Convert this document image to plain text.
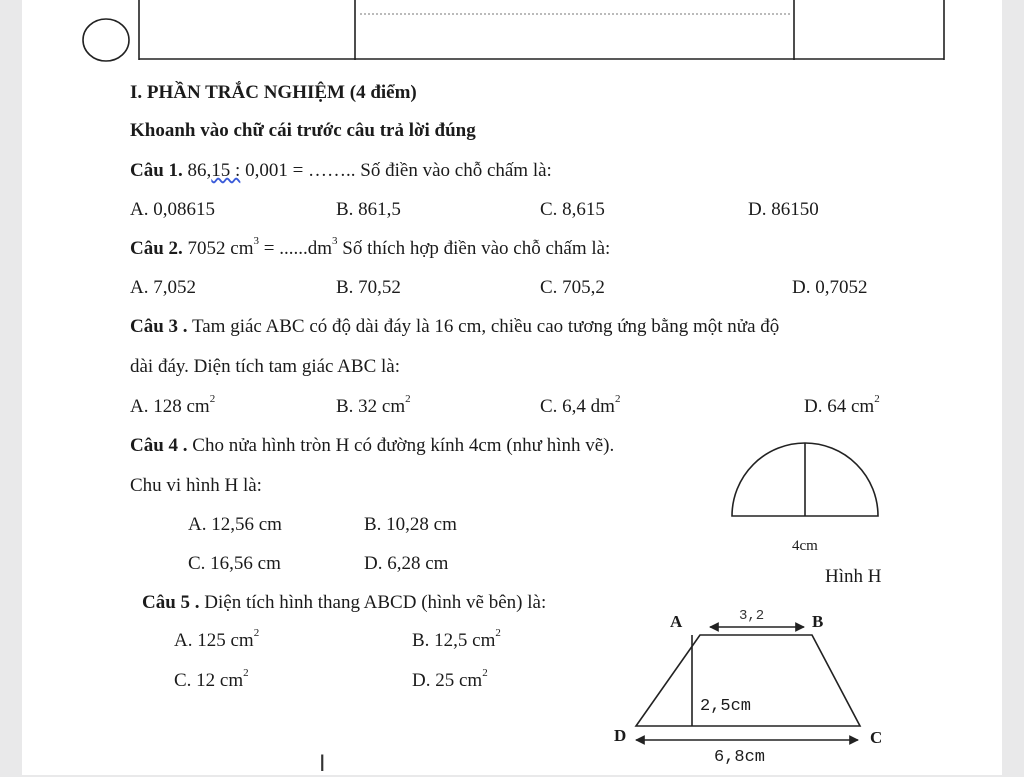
I. PHẦN TRẮC NGHIỆM (4 điểm)
Khoanh vào chữ cái trước câu trả lời đúng
Câu 1. 86,15 : 0,001 = …….. Số điền vào chỗ chấm là:
A. 0,08615	B. 861,5	C. 8,615	D. 86150
Câu 2. 7052 $cm^3 = ......dm^3$ Số thích hợp điền vào chỗ chấm là:
A. 7,052	B. 70,52	C. 705,2	D. 0,7052
Câu 3 . Tam giác ABC có độ dài đáy là 16 cm, chiều cao tương ứng bằng một nửa độ
dài đáy. Diện tích tam giác ABC là:
A. 128 $cm^2$	B. 32 $cm^2$	C. 6,4 $dm^2$	D. 64 $cm^2$
Câu 4 . Cho nửa hình tròn H có đường kính 4cm (như hình vẽ).
Chu vi hình H là:
A. 12,56 cm	B. 10,28 cm
C. 16,56 cm	D. 6,28 cm
4cm
Hình H
Câu 5 . Diện tích hình thang ABCD (hình vẽ bên) là:
A. 125 $cm^2$	B. 12,5 $cm^2$
C. 12 $cm^2$	D. 25 $cm^2$
A	B
C
D
3,2
2,5cm
6,8cm
I
